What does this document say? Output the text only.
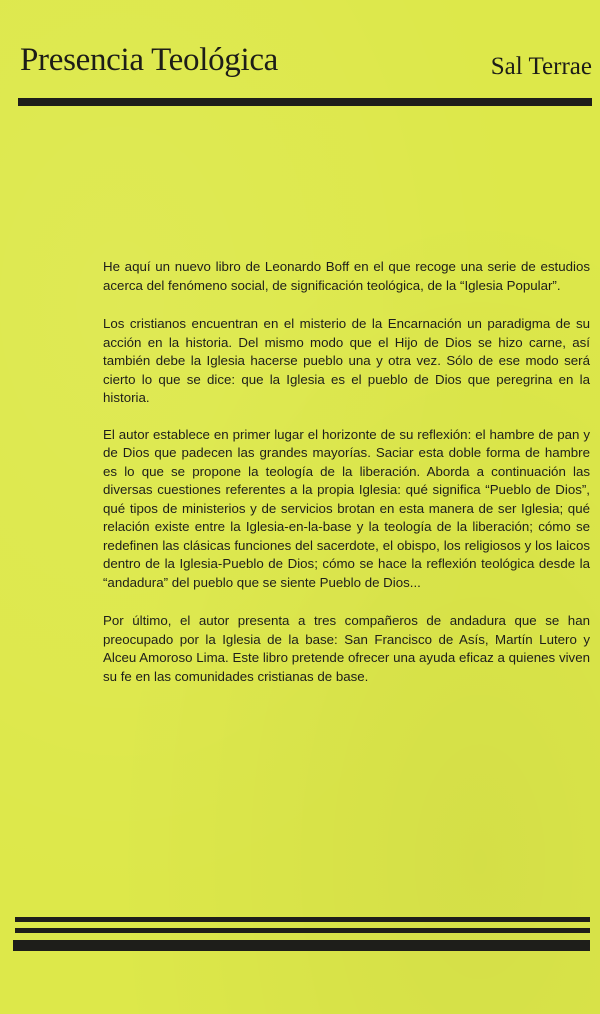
Presencia Teológica	Sal Terrae

He aquí un nuevo libro de Leonardo Boff en el que recoge una serie de estudios acerca del fenómeno social, de significación teológica, de la “Iglesia Popular”.

Los cristianos encuentran en el misterio de la Encarnación un paradigma de su acción en la historia. Del mismo modo que el Hijo de Dios se hizo carne, así también debe la Iglesia hacerse pueblo una y otra vez. Sólo de ese modo será cierto lo que se dice: que la Iglesia es el pueblo de Dios que peregrina en la historia.

El autor establece en primer lugar el horizonte de su reflexión: el hambre de pan y de Dios que padecen las grandes mayorías. Saciar esta doble forma de hambre es lo que se propone la teología de la liberación. Aborda a continuación las diversas cuestiones referentes a la propia Iglesia: qué significa “Pueblo de Dios”, qué tipos de ministerios y de servicios brotan en esta manera de ser Iglesia; qué relación existe entre la Iglesia-en-la-base y la teología de la liberación; cómo se redefinen las clásicas funciones del sacerdote, el obispo, los religiosos y los laicos dentro de la Iglesia-Pueblo de Dios; cómo se hace la reflexión teológica desde la “andadura” del pueblo que se siente Pueblo de Dios...

Por último, el autor presenta a tres compañeros de andadura que se han preocupado por la Iglesia de la base: San Francisco de Asís, Martín Lutero y Alceu Amoroso Lima. Este libro pretende ofrecer una ayuda eficaz a quienes viven su fe en las comunidades cristianas de base.
